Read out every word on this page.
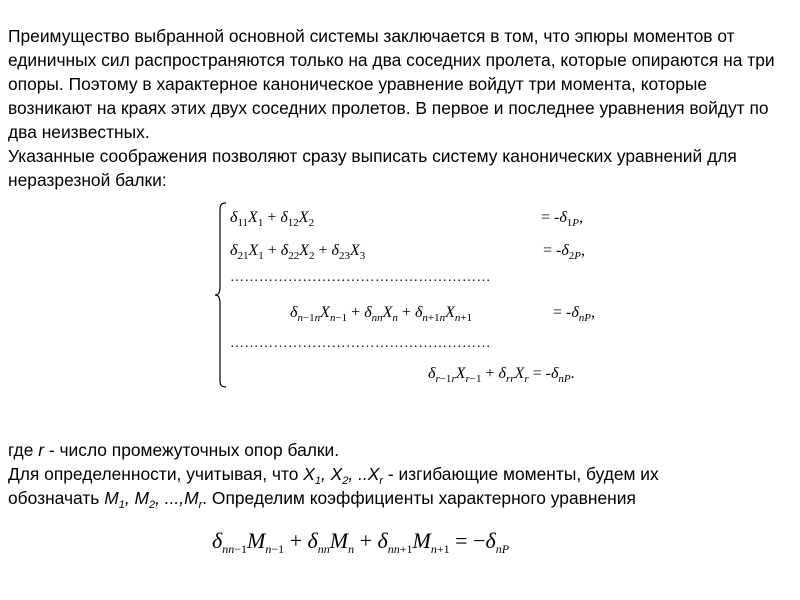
Преимущество выбранной основной системы заключается в том, что эпюры моментов от единичных сил распространяются только на два соседних пролета, которые опираются на три опоры. Поэтому в характерное каноническое уравнение войдут три момента, которые возникают на краях этих двух соседних пролетов. В первое и последнее уравнения войдут по два неизвестных.

Указанные соображения позволяют сразу выписать систему канонических уравнений для неразрезной балки:

$\delta_{11}X_1 + \delta_{12}X_2$	= $-\delta_{1P}$,
$\delta_{21}X_1 + \delta_{22}X_2 + \delta_{23}X_3$	= $-\delta_{2P}$,
………………………………………………
$\delta_{n-1n}X_{n-1} + \delta_{nn}X_n + \delta_{n+1n}X_{n+1}$	= $-\delta_{nP}$,
………………………………………………
$\delta_{r-1r}X_{r-1} + \delta_{rr}X_r = -\delta_{nP}$.

где r - число промежуточных опор балки.

Для определенности, учитывая, что $X_1$, $X_2$, $..X_r$ - изгибающие моменты, будем их

обозначать $M_1$, $M_2$, $...,M_r$. Определим коэффициенты характерного уравнения

$\delta_{nn-1}M_{n-1} + \delta_{nn}M_n + \delta_{nn+1}M_{n+1} = -\delta_{nP}$
